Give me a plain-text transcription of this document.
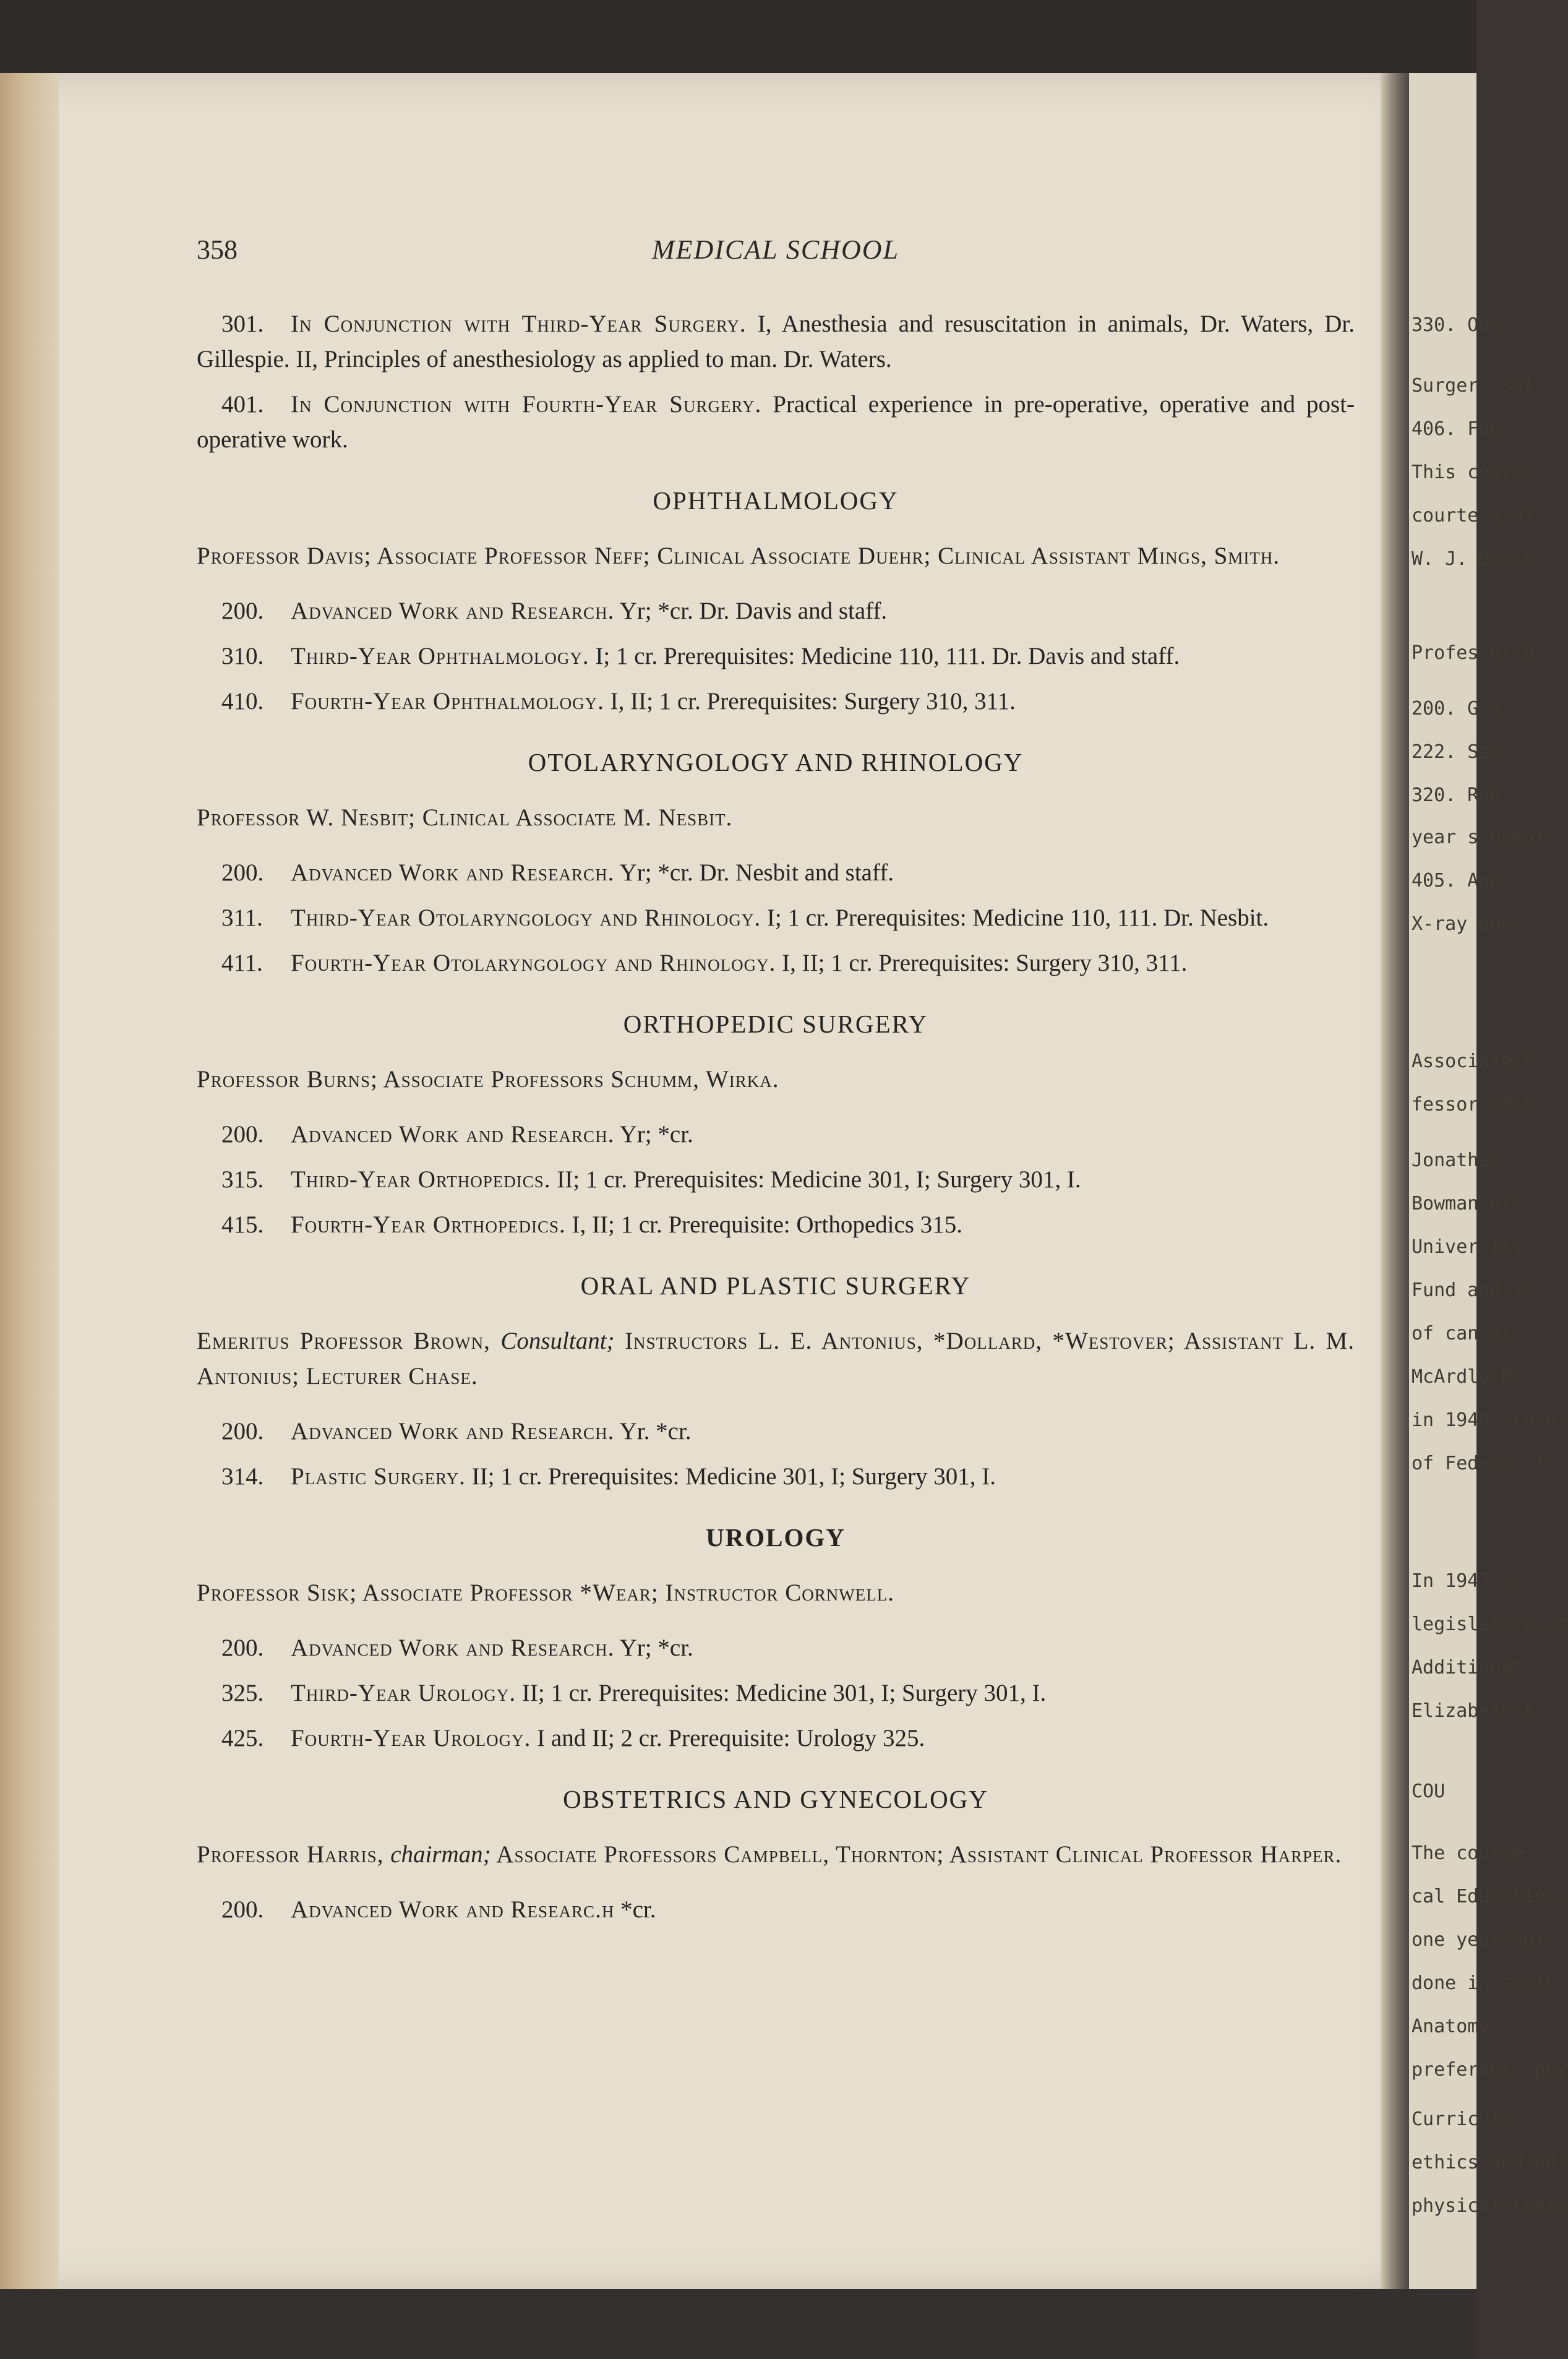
330. Obs
Surgery 301
406. Fou
This course
courtesy of
W. J. Dieck
Professor D
200. Gra
222. Sem
320. Rad
year student
405. App
X-ray and
Associate P
fessor of C
Jonathan
Bowman of
University
Fund and it
of cancer.
McArdle M
in 1940, thro
of Federal f
In 1943 a
legislative ac
Additional
Elizabeth A.
COU
The course
cal Education
one year but
done in anoth
Anatomy
preferably phy
Curricula
ethics and ad
physical thera
358	MEDICAL SCHOOL

301. In Conjunction with Third-Year Surgery. I, Anesthesia and resuscitation in animals, Dr. Waters, Dr. Gillespie. II, Principles of anesthesiology as applied to man. Dr. Waters.

401. In Conjunction with Fourth-Year Surgery. Practical experience in pre-operative, operative and post-operative work.

OPHTHALMOLOGY

Professor Davis; Associate Professor Neff; Clinical Associate Duehr; Clinical Assistant Mings, Smith.

200. Advanced Work and Research. Yr; *cr. Dr. Davis and staff.

310. Third-Year Ophthalmology. I; 1 cr. Prerequisites: Medicine 110, 111. Dr. Davis and staff.

410. Fourth-Year Ophthalmology. I, II; 1 cr. Prerequisites: Surgery 310, 311.

OTOLARYNGOLOGY AND RHINOLOGY

Professor W. Nesbit; Clinical Associate M. Nesbit.

200. Advanced Work and Research. Yr; *cr. Dr. Nesbit and staff.

311. Third-Year Otolaryngology and Rhinology. I; 1 cr. Prerequisites: Medicine 110, 111. Dr. Nesbit.

411. Fourth-Year Otolaryngology and Rhinology. I, II; 1 cr. Prerequisites: Surgery 310, 311.

ORTHOPEDIC SURGERY

Professor Burns; Associate Professors Schumm, Wirka.

200. Advanced Work and Research. Yr; *cr.

315. Third-Year Orthopedics. II; 1 cr. Prerequisites: Medicine 301, I; Surgery 301, I.

415. Fourth-Year Orthopedics. I, II; 1 cr. Prerequisite: Orthopedics 315.

ORAL AND PLASTIC SURGERY

Emeritus Professor Brown, Consultant; Instructors L. E. Antonius, *Dollard, *Westover; Assistant L. M. Antonius; Lecturer Chase.

200. Advanced Work and Research. Yr. *cr.

314. Plastic Surgery. II; 1 cr. Prerequisites: Medicine 301, I; Surgery 301, I.

UROLOGY

Professor Sisk; Associate Professor *Wear; Instructor Cornwell.

200. Advanced Work and Research. Yr; *cr.

325. Third-Year Urology. II; 1 cr. Prerequisites: Medicine 301, I; Surgery 301, I.

425. Fourth-Year Urology. I and II; 2 cr. Prerequisite: Urology 325.

OBSTETRICS AND GYNECOLOGY

Professor Harris, chairman; Associate Professors Campbell, Thornton; Assistant Clinical Professor Harper.

200. Advanced Work and Researc.h *cr.
